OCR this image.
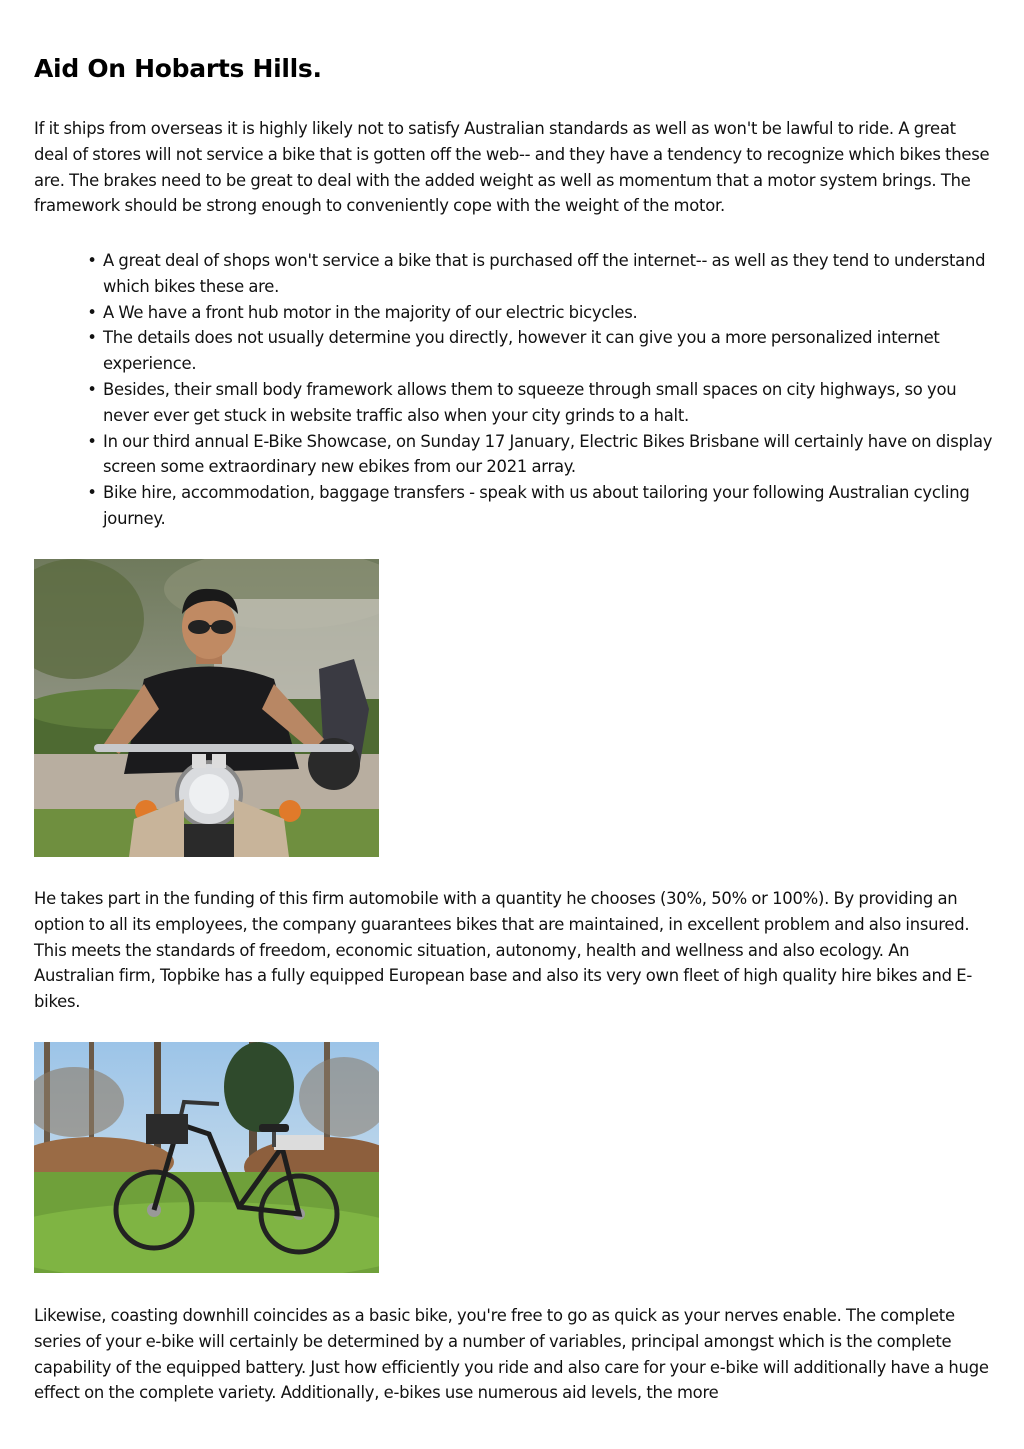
Aid On Hobarts Hills.

If it ships from overseas it is highly likely not to satisfy Australian standards as well as won't be lawful to ride. A great deal of stores will not service a bike that is gotten off the web-- and they have a tendency to recognize which bikes these are. The brakes need to be great to deal with the added weight as well as momentum that a motor system brings. The framework should be strong enough to conveniently cope with the weight of the motor.

• A great deal of shops won't service a bike that is purchased off the internet-- as well as they tend to understand which bikes these are.
• A We have a front hub motor in the majority of our electric bicycles.
• The details does not usually determine you directly, however it can give you a more personalized internet experience.
• Besides, their small body framework allows them to squeeze through small spaces on city highways, so you never ever get stuck in website traffic also when your city grinds to a halt.
• In our third annual E-Bike Showcase, on Sunday 17 January, Electric Bikes Brisbane will certainly have on display screen some extraordinary new ebikes from our 2021 array.
• Bike hire, accommodation, baggage transfers - speak with us about tailoring your following Australian cycling journey.

He takes part in the funding of this firm automobile with a quantity he chooses (30%, 50% or 100%). By providing an option to all its employees, the company guarantees bikes that are maintained, in excellent problem and also insured. This meets the standards of freedom, economic situation, autonomy, health and wellness and also ecology. An Australian firm, Topbike has a fully equipped European base and also its very own fleet of high quality hire bikes and E-bikes.

Likewise, coasting downhill coincides as a basic bike, you're free to go as quick as your nerves enable. The complete series of your e-bike will certainly be determined by a number of variables, principal amongst which is the complete capability of the equipped battery. Just how efficiently you ride and also care for your e-bike will additionally have a huge effect on the complete variety. Additionally, e-bikes use numerous aid levels, the more
